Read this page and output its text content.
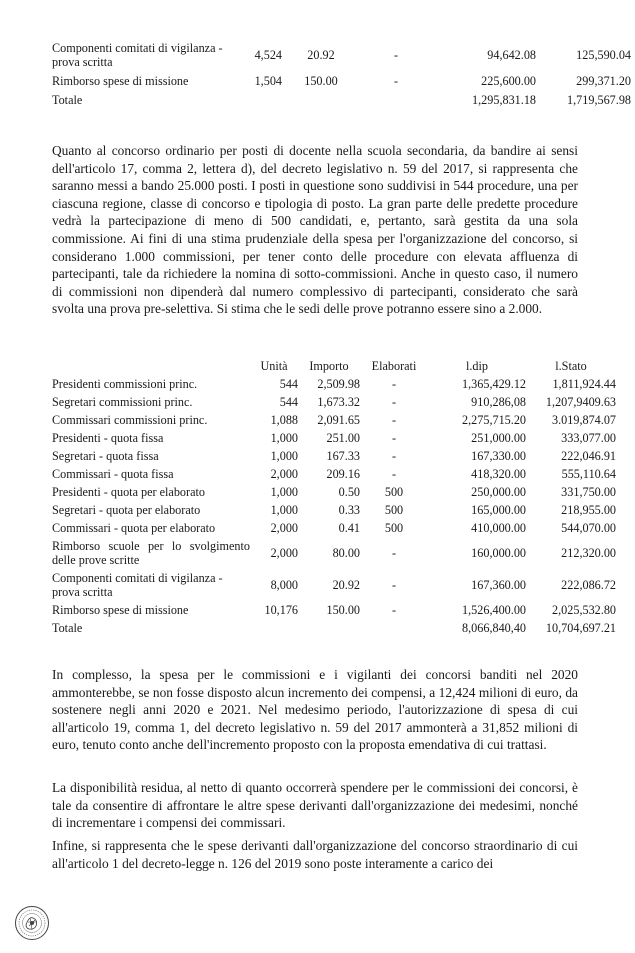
Componenti comitati di vigilanza - prova scritta	4,524	20.92	-	94,642.08	125,590.04
Rimborso spese di missione	1,504	150.00	-	225,600.00	299,371.20
Totale				1,295,831.18	1,719,567.98

Quanto al concorso ordinario per posti di docente nella scuola secondaria, da bandire ai sensi dell'articolo 17, comma 2, lettera d), del decreto legislativo n. 59 del 2017, si rappresenta che saranno messi a bando 25.000 posti. I posti in questione sono suddivisi in 544 procedure, una per ciascuna regione, classe di concorso e tipologia di posto. La gran parte delle predette procedure vedrà la partecipazione di meno di 500 candidati, e, pertanto, sarà gestita da una sola commissione. Ai fini di una stima prudenziale della spesa per l'organizzazione del concorso, si considerano 1.000 commissioni, per tener conto delle procedure con elevata affluenza di partecipanti, tale da richiedere la nomina di sotto-commissioni. Anche in questo caso, il numero di commissioni non dipenderà dal numero complessivo di partecipanti, considerato che sarà svolta una prova pre-selettiva. Si stima che le sedi delle prove potranno essere sino a 2.000.

	Unità	Importo	Elaborati	l.dip	l.Stato
Presidenti commissioni princ.	544	2,509.98	-	1,365,429.12	1,811,924.44
Segretari commissioni princ.	544	1,673.32	-	910,286,08	1,207,9409.63
Commissari commissioni princ.	1,088	2,091.65	-	2,275,715.20	3.019,874.07
Presidenti - quota fissa	1,000	251.00	-	251,000.00	333,077.00
Segretari - quota fissa	1,000	167.33	-	167,330.00	222,046.91
Commissari - quota fissa	2,000	209.16	-	418,320.00	555,110.64
Presidenti - quota per elaborato	1,000	0.50	500	250,000.00	331,750.00
Segretari - quota per elaborato	1,000	0.33	500	165,000.00	218,955.00
Commissari - quota per elaborato	2,000	0.41	500	410,000.00	544,070.00
Rimborso scuole per lo svolgimento delle prove scritte	2,000	80.00	-	160,000.00	212,320.00
Componenti comitati di vigilanza - prova scritta	8,000	20.92	-	167,360.00	222,086.72
Rimborso spese di missione	10,176	150.00	-	1,526,400.00	2,025,532.80
Totale				8,066,840,40	10,704,697.21

In complesso, la spesa per le commissioni e i vigilanti dei concorsi banditi nel 2020 ammonterebbe, se non fosse disposto alcun incremento dei compensi, a 12,424 milioni di euro, da sostenere negli anni 2020 e 2021. Nel medesimo periodo, l'autorizzazione di spesa di cui all'articolo 19, comma 1, del decreto legislativo n. 59 del 2017 ammonterà a 31,852 milioni di euro, tenuto conto anche dell'incremento proposto con la proposta emendativa di cui trattasi.

La disponibilità residua, al netto di quanto occorrerà spendere per le commissioni dei concorsi, è tale da consentire di affrontare le altre spese derivanti dall'organizzazione dei medesimi, nonché di incrementare i compensi dei commissari.

Infine, si rappresenta che le spese derivanti dall'organizzazione del concorso straordinario di cui all'articolo 1 del decreto-legge n. 126 del 2019 sono poste interamente a carico dei
